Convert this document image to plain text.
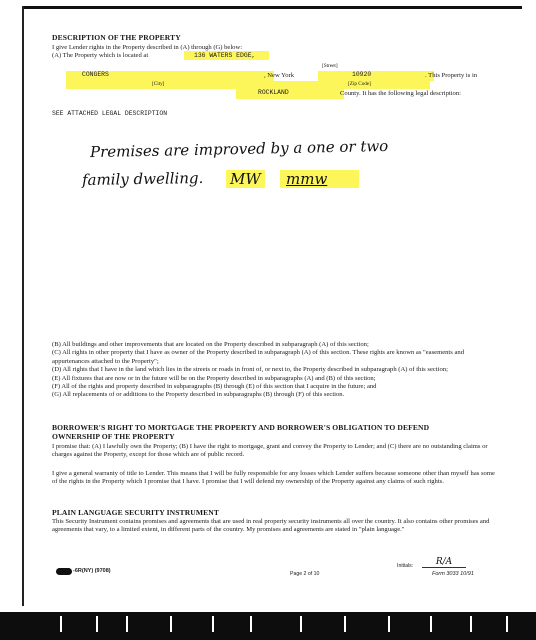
DESCRIPTION OF THE PROPERTY
I give Lender rights in the Property described in (A) through (G) below:
(A) The Property which is located at	136 WATERS EDGE,
[Street]
CONGERS	, New York	10920	. This Property is in
[City]	[Zip Code]
ROCKLAND	County. It has the following legal description:
SEE ATTACHED LEGAL DESCRIPTION
Premises are improved by a one or two
family dwelling. MW	mmw

(B) All buildings and other improvements that are located on the Property described in subparagraph (A) of this section;

(C) All rights in other property that I have as owner of the Property described in subparagraph (A) of this section. These rights are known as "easements and appurtenances attached to the Property";

(D) All rights that I have in the land which lies in the streets or roads in front of, or next to, the Property described in subparagraph (A) of this section;

(E) All fixtures that are now or in the future will be on the Property described in subparagraphs (A) and (B) of this section;

(F) All of the rights and property described in subparagraphs (B) through (E) of this section that I acquire in the future; and

(G) All replacements of or additions to the Property described in subparagraphs (B) through (F) of this section.

BORROWER'S RIGHT TO MORTGAGE THE PROPERTY AND BORROWER'S OBLIGATION TO DEFEND
OWNERSHIP OF THE PROPERTY

I promise that: (A) I lawfully own the Property; (B) I have the right to mortgage, grant and convey the Property to Lender; and (C) there are no outstanding claims or charges against the Property, except for those which are of public record.

I give a general warranty of title to Lender. This means that I will be fully responsible for any losses which Lender suffers because someone other than myself has some of the rights in the Property which I promise that I have. I promise that I will defend my ownership of the Property against any claims of such rights.

PLAIN LANGUAGE SECURITY INSTRUMENT

This Security Instrument contains promises and agreements that are used in real property security instruments all over the country. It also contains other promises and agreements that vary, to a limited extent, in different parts of the country. My promises and agreements are stated in "plain language."

-6R(NY) (9708)	Page 2 of 10
Initials:	R/A
Form 3033 10/91
